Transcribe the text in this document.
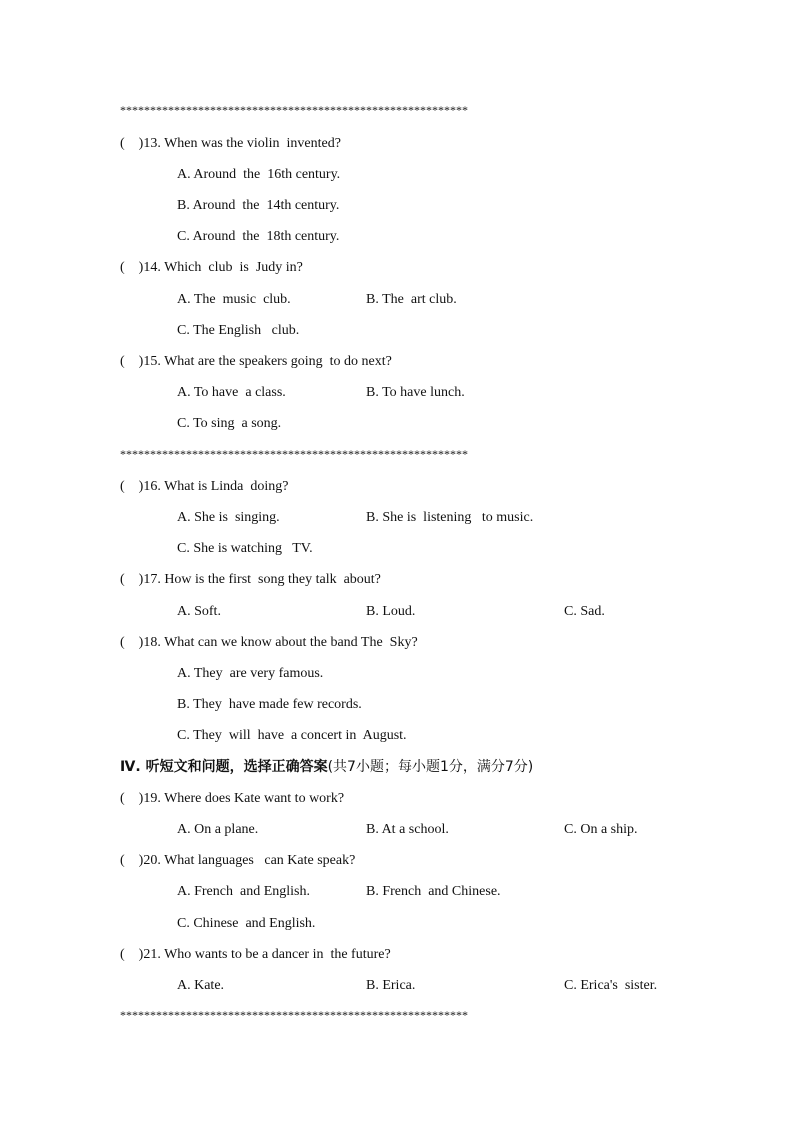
**********************************************************
(    )13. When was the violin  invented?
A. Around  the  16th century.
B. Around  the  14th century.
C. Around  the  18th century.
(    )14. Which  club  is  Judy in?
A. The  music  club.	B. The  art club.
C. The English   club.
(    )15. What are the speakers going  to do next?
A. To have  a class.	B. To have lunch.
C. To sing  a song.
**********************************************************
(    )16. What is Linda  doing?
A. She is  singing.	B. She is  listening   to music.
C. She is watching   TV.
(    )17. How is the first  song they talk  about?
A. Soft.	B. Loud.	C. Sad.
(    )18. What can we know about the band The  Sky?
A. They  are very famous.
B. They  have made few records.
C. They  will  have  a concert in  August.
Ⅳ. 听短文和问题，选择正确答案(共7小题；每小题1分，满分7分)
(    )19. Where does Kate want to work?
A. On a plane.	B. At a school.	C. On a ship.
(    )20. What languages   can Kate speak?
A. French  and English.	B. French  and Chinese.
C. Chinese  and English.
(    )21. Who wants to be a dancer in  the future?
A. Kate.	B. Erica.	C. Erica's  sister.
**********************************************************
